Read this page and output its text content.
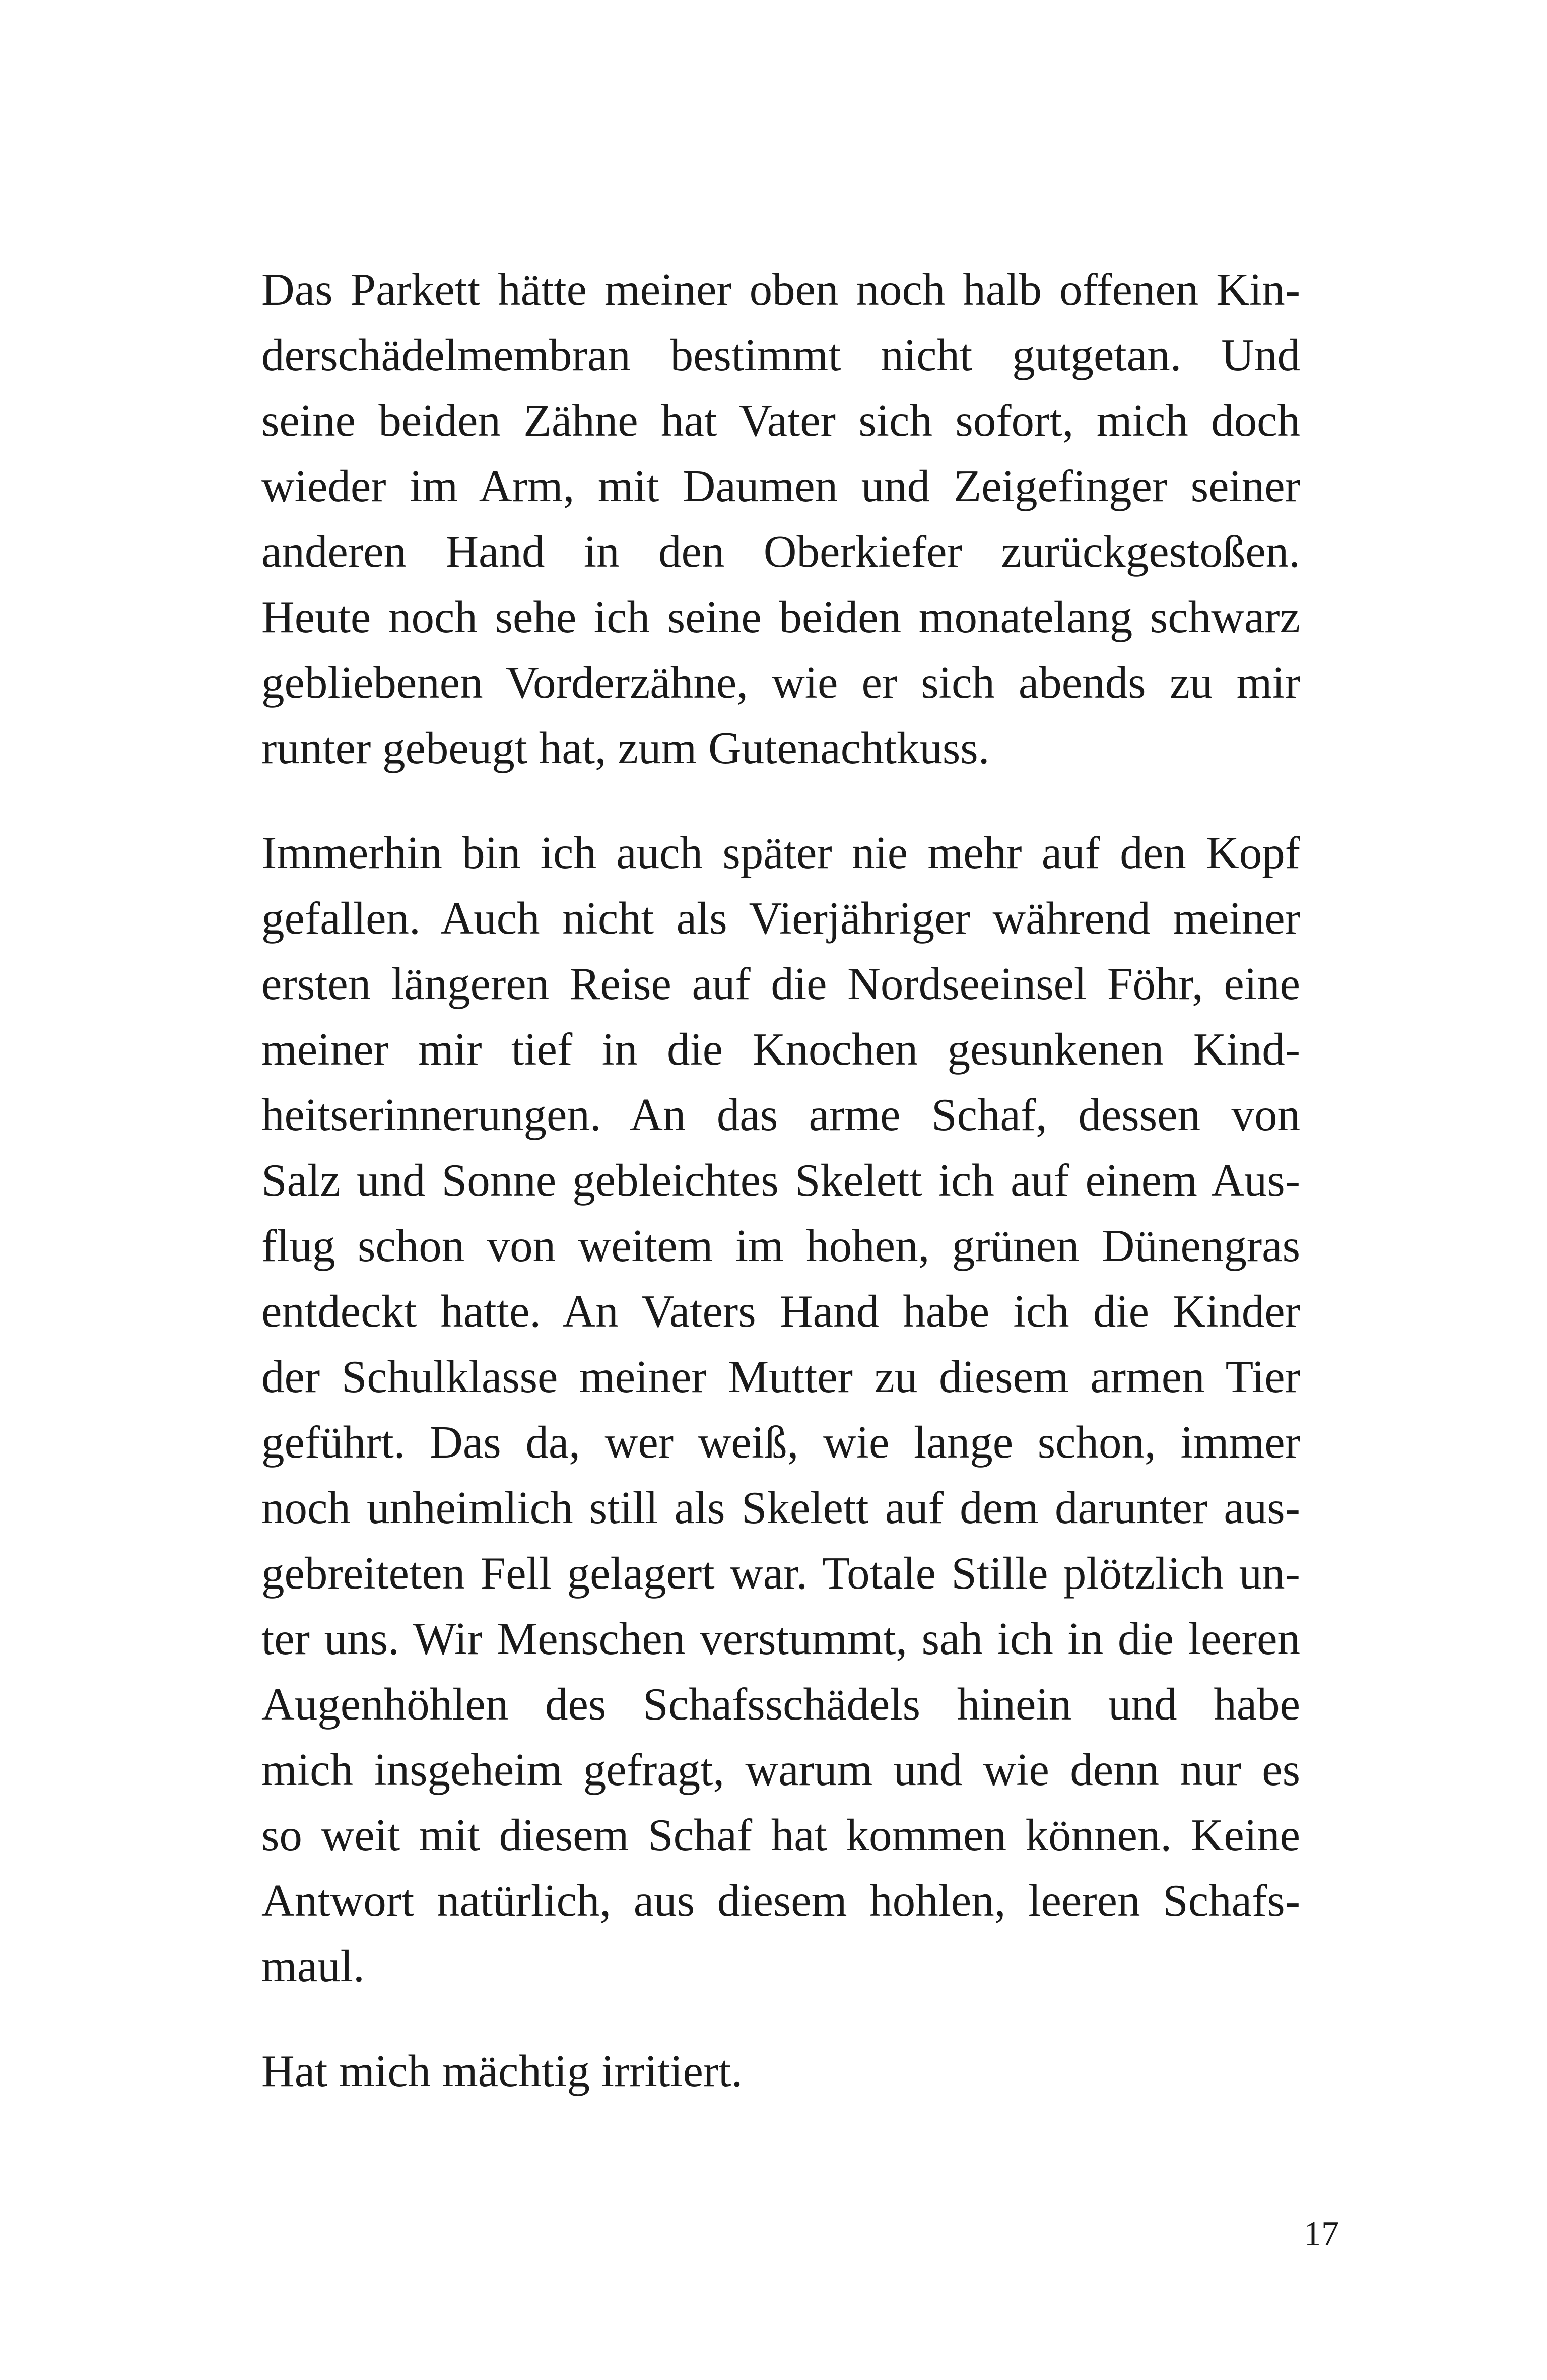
Das Parkett hätte meiner oben noch halb offenen Kin-
derschädelmembran bestimmt nicht gutgetan. Und
seine beiden Zähne hat Vater sich sofort, mich doch
wieder im Arm, mit Daumen und Zeigefinger seiner
anderen Hand in den Oberkiefer zurückgestoßen.
Heute noch sehe ich seine beiden monatelang schwarz
gebliebenen Vorderzähne, wie er sich abends zu mir
runter gebeugt hat, zum Gutenachtkuss.

Immerhin bin ich auch später nie mehr auf den Kopf
gefallen. Auch nicht als Vierjähriger während meiner
ersten längeren Reise auf die Nordseeinsel Föhr, eine
meiner mir tief in die Knochen gesunkenen Kind-
heitserinnerungen. An das arme Schaf, dessen von
Salz und Sonne gebleichtes Skelett ich auf einem Aus-
flug schon von weitem im hohen, grünen Dünengras
entdeckt hatte. An Vaters Hand habe ich die Kinder
der Schulklasse meiner Mutter zu diesem armen Tier
geführt. Das da, wer weiß, wie lange schon, immer
noch unheimlich still als Skelett auf dem darunter aus-
gebreiteten Fell gelagert war. Totale Stille plötzlich un-
ter uns. Wir Menschen verstummt, sah ich in die leeren
Augenhöhlen des Schafsschädels hinein und habe
mich insgeheim gefragt, warum und wie denn nur es
so weit mit diesem Schaf hat kommen können. Keine
Antwort natürlich, aus diesem hohlen, leeren Schafs-
maul.

Hat mich mächtig irritiert.

17
